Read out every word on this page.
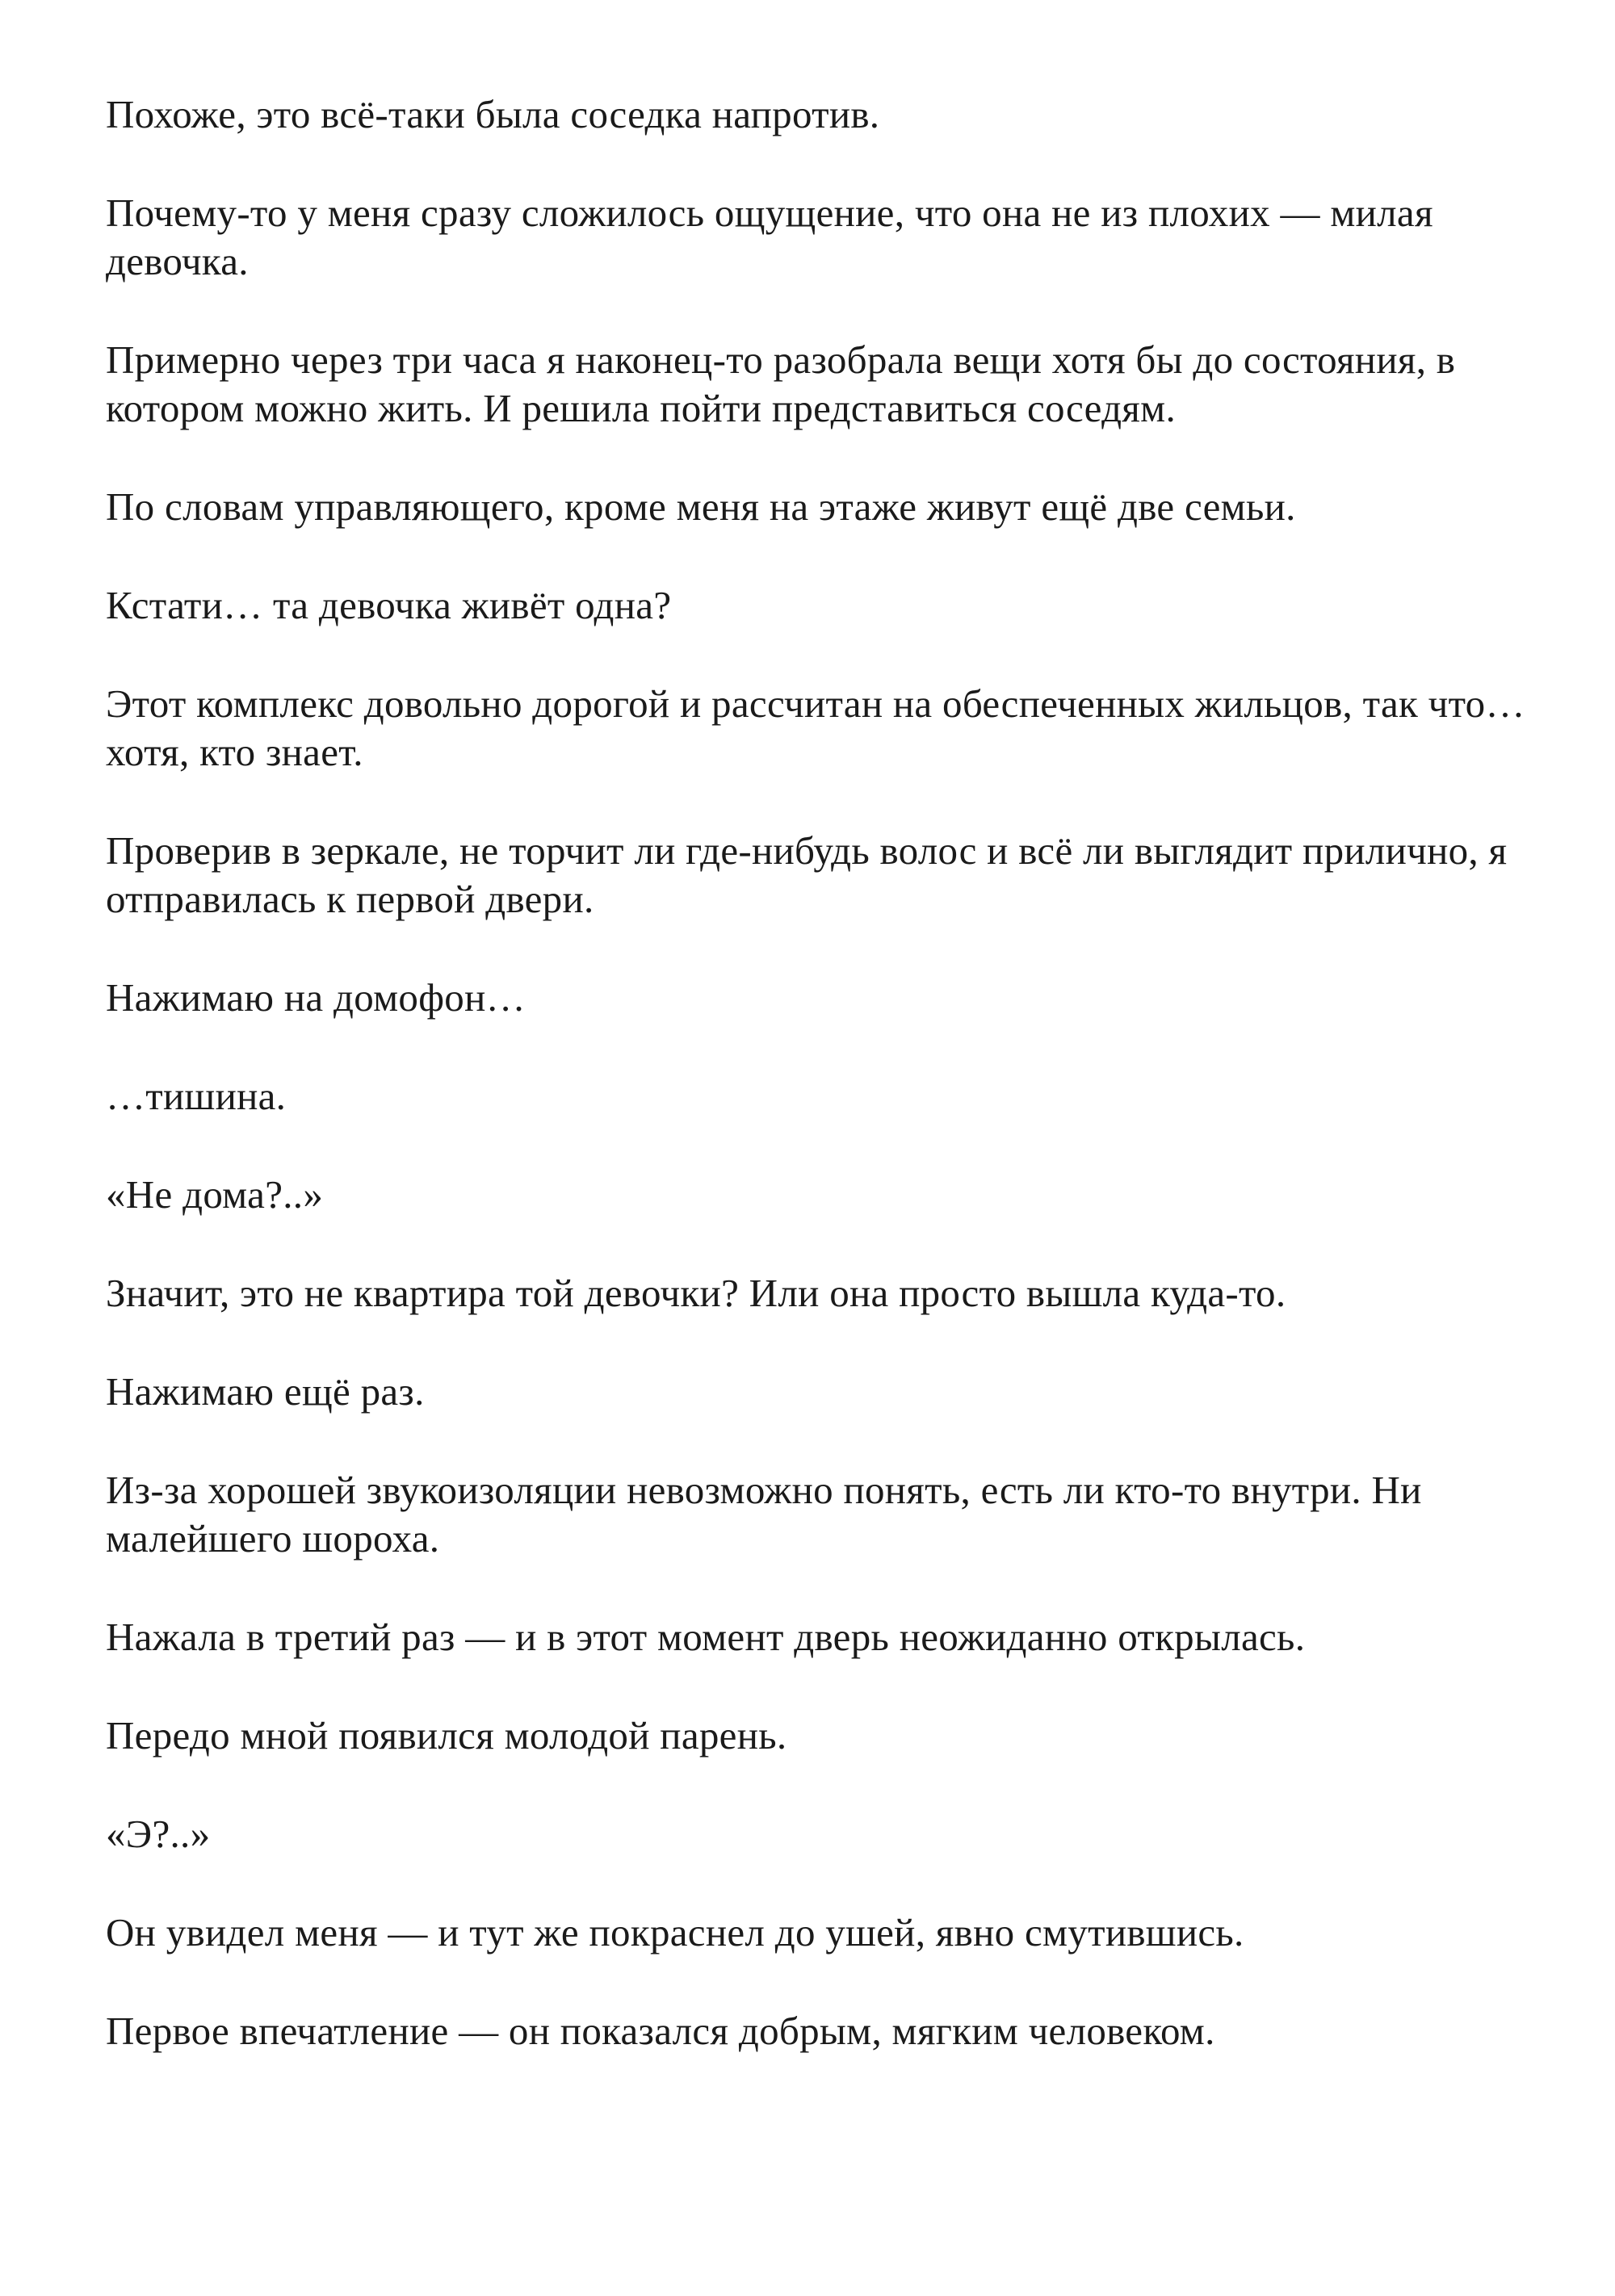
Похоже, это всё-таки была соседка напротив.

Почему-то у меня сразу сложилось ощущение, что она не из плохих — милая девочка.

Примерно через три часа я наконец-то разобрала вещи хотя бы до состояния, в котором можно жить. И решила пойти представиться соседям.

По словам управляющего, кроме меня на этаже живут ещё две семьи.

Кстати… та девочка живёт одна?

Этот комплекс довольно дорогой и рассчитан на обеспеченных жильцов, так что… хотя, кто знает.

Проверив в зеркале, не торчит ли где-нибудь волос и всё ли выглядит прилично, я отправилась к первой двери.

Нажимаю на домофон…

…тишина.

«Не дома?..»

Значит, это не квартира той девочки? Или она просто вышла куда-то.

Нажимаю ещё раз.

Из-за хорошей звукоизоляции невозможно понять, есть ли кто-то внутри. Ни малейшего шороха.

Нажала в третий раз — и в этот момент дверь неожиданно открылась.

Передо мной появился молодой парень.

«Э?..»

Он увидел меня — и тут же покраснел до ушей, явно смутившись.

Первое впечатление — он показался добрым, мягким человеком.
